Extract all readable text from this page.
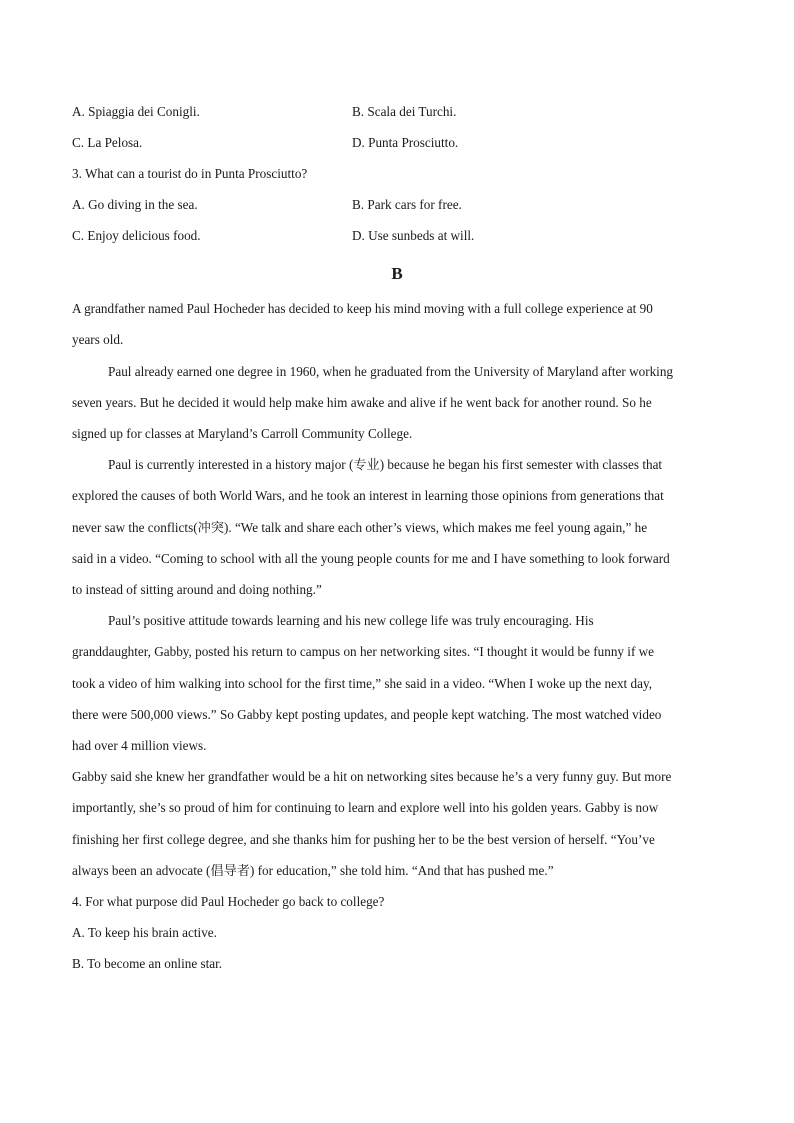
A. Spiaggia dei Conigli.	B. Scala dei Turchi.
C. La Pelosa.	D. Punta Prosciutto.
3. What can a tourist do in Punta Prosciutto?
A. Go diving in the sea.	B. Park cars for free.
C. Enjoy delicious food.	D. Use sunbeds at will.
B
A grandfather named Paul Hocheder has decided to keep his mind moving with a full college experience at 90
years old.
Paul already earned one degree in 1960, when he graduated from the University of Maryland after working
seven years. But he decided it would help make him awake and alive if he went back for another round. So he
signed up for classes at Maryland’s Carroll Community College.
Paul is currently interested in a history major (专业) because he began his first semester with classes that
explored the causes of both World Wars, and he took an interest in learning those opinions from generations that
never saw the conflicts(冲突). “We talk and share each other’s views, which makes me feel young again,” he
said in a video. “Coming to school with all the young people counts for me and I have something to look forward
to instead of sitting around and doing nothing.”
Paul’s positive attitude towards learning and his new college life was truly encouraging. His
granddaughter, Gabby, posted his return to campus on her networking sites. “I thought it would be funny if we
took a video of him walking into school for the first time,” she said in a video. “When I woke up the next day,
there were 500,000 views.” So Gabby kept posting updates, and people kept watching. The most watched video
had over 4 million views.
Gabby said she knew her grandfather would be a hit on networking sites because he’s a very funny guy. But more
importantly, she’s so proud of him for continuing to learn and explore well into his golden years. Gabby is now
finishing her first college degree, and she thanks him for pushing her to be the best version of herself. “You’ve
always been an advocate (倡导者) for education,” she told him. “And that has pushed me.”
4. For what purpose did Paul Hocheder go back to college?
A. To keep his brain active.
B. To become an online star.
